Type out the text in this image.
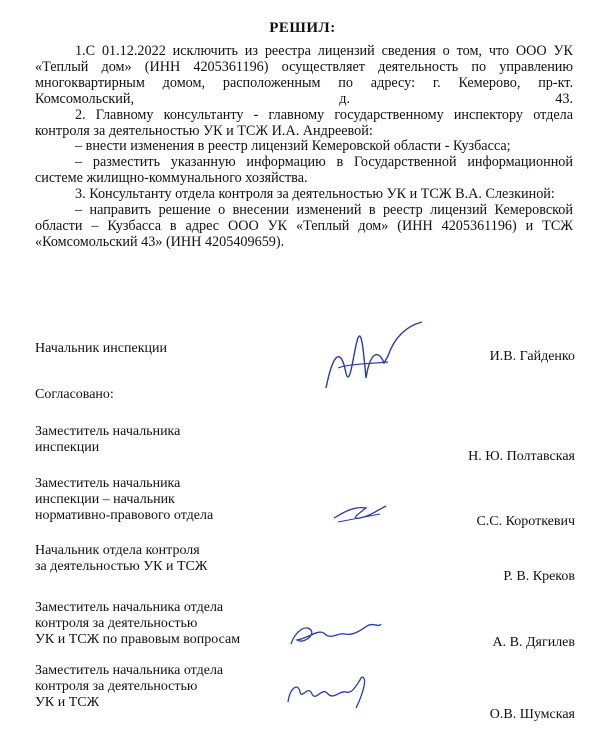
РЕШИЛ:

1.С 01.12.2022 исключить из реестра лицензий сведения о том, что ООО УК «Теплый дом» (ИНН 4205361196) осуществляет деятельность по управлению многоквартирным домом, расположенным по адресу: г. Кемерово, пр-кт. Комсомольский, д. 43.

2. Главному консультанту - главному государственному инспектору отдела контроля за деятельностью УК и ТСЖ И.А. Андреевой:

– внести изменения в реестр лицензий Кемеровской области - Кузбасса;

– разместить указанную информацию в Государственной информационной системе жилищно-коммунального хозяйства.

3. Консультанту отдела контроля за деятельностью УК и ТСЖ В.А. Слезкиной:

– направить решение о внесении изменений в реестр лицензий Кемеровской области – Кузбасса в адрес ООО УК «Теплый дом» (ИНН 4205361196) и ТСЖ «Комсомольский 43» (ИНН 4205409659).

Начальник инспекции
И.В. Гайденко
Согласовано:
Заместитель начальника
инспекции
Н. Ю. Полтавская
Заместитель начальника
инспекции – начальник
нормативно-правового отдела	С.С. Короткевич
Начальник отдела контроля
за деятельностью УК и ТСЖ
Р. В. Креков
Заместитель начальника отдела
контроля за деятельностью
УК и ТСЖ по правовым вопросам	А. В. Дягилев
Заместитель начальника отдела
контроля за деятельностью
УК и ТСЖ
О.В. Шумская
